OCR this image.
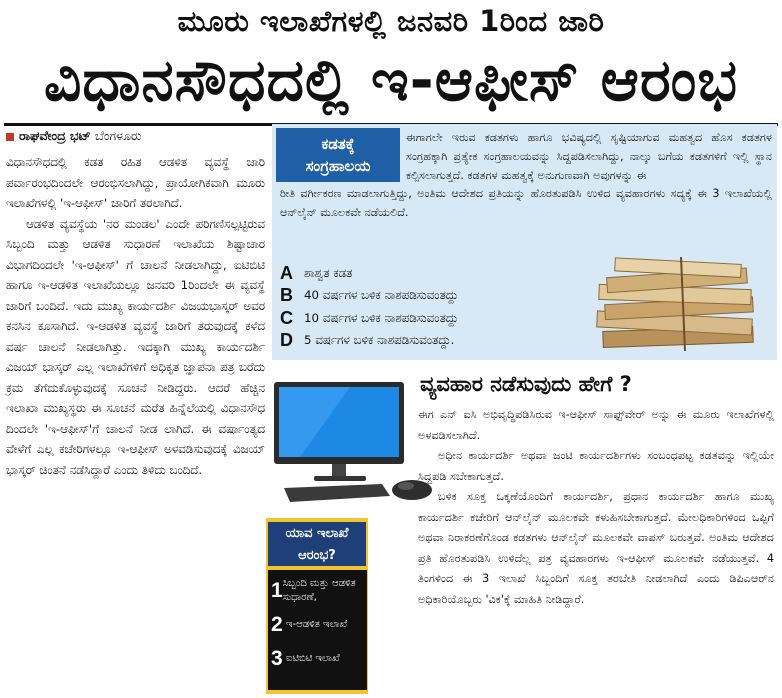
ಮೂರು ಇಲಾಖೆಗಳಲ್ಲಿ ಜನವರಿ 1ರಿಂದ ಜಾರಿ
ವಿಧಾನಸೌಧದಲ್ಲಿ ಇ-ಆಫೀಸ್ ಆರಂಭ
ರಾಘವೇಂದ್ರ ಭಟ್ ಬೆಂಗಳೂರು

ವಿಧಾನಸೌಧದಲ್ಲಿ ಕಡತ ರಹಿತ ಆಡಳಿತ ವ್ಯವಸ್ಥೆ ಜಾರಿ ಪರ್ವಾರಂಭದಿಂದಲೇ ಆರಂಭಿಸಲಾಗಿದ್ದು, ಪ್ರಾಯೋಗಿಕವಾಗಿ ಮೂರು ಇಲಾಖೆಗಳಲ್ಲಿ 'ಇ-ಆಫೀಸ್' ಜಾರಿಗೆ ತರಲಾಗಿದೆ.

ಆಡಳಿತ ವ್ಯವಸ್ಥೆಯ 'ನರ ಮಂಡಲ' ಎಂದೇ ಪರಿಗಣಿಸಲ್ಪಟ್ಟಿರುವ ಸಿಬ್ಬಂದಿ ಮತ್ತು ಆಡಳಿತ ಸುಧಾರಣೆ ಇಲಾಖೆಯ ಶಿಷ್ಟಾಚಾರ ವಿಭಾಗದಿಂದಲೇ 'ಇ-ಆಫೀಸ್' ಗೆ ಚಾಲನೆ ನೀಡಲಾಗಿದ್ದು, ಐಟಿಬಿಟಿ ಹಾಗೂ ಇ-ಆಡಳಿತ ಇಲಾಖೆಯಲ್ಲೂ ಜನವರಿ 1ರಿಂದಲೇ ಈ ವ್ಯವಸ್ಥೆ ಜಾರಿಗೆ ಬಂದಿದೆ. ಇದು ಮುಖ್ಯ ಕಾರ್ಯದರ್ಶಿ ವಿಜಯಭಾಸ್ಕರ್ ಅವರ ಕನಸಿನ ಕೂಸಾಗಿದೆ. ಇ-ಆಡಳಿತ ವ್ಯವಸ್ಥೆ ಜಾರಿಗೆ ತರುವುದಕ್ಕೆ ಕಳೆದ ವರ್ಷ ಚಾಲನೆ ನೀಡಲಾಗಿತ್ತು. ಇದಕ್ಕಾಗಿ ಮುಖ್ಯ ಕಾರ್ಯದರ್ಶಿ ವಿಜಯ್ ಭಾಸ್ಕರ್ ಎಲ್ಲ ಇಲಾಖೆಗಳಿಗೆ ಅಧಿಕೃತ ಜ್ಞಾಪನಾ ಪತ್ರ ಬರೆದು ಕ್ರಮ ತೆಗೆದುಕೊಳ್ಳುವುದಕ್ಕೆ ಸೂಚನೆ ನೀಡಿದ್ದರು. ಆದರೆ ಹೆಚ್ಚಿನ ಇಲಾಖಾ ಮುಖ್ಯಸ್ಥರು ಈ ಸೂಚನೆ ಮರೆತ ಹಿನ್ನೆಲೆಯಲ್ಲಿ ವಿಧಾನಸೌಧ ದಿಂದಲೇ 'ಇ-ಆಫೀಸ್'ಗೆ ಚಾಲನೆ ನೀಡ ಲಾಗಿದೆ. ಈ ವರ್ಷಾಂತ್ಯದ ವೇಳೆಗೆ ಎಲ್ಲ ಕಚೇರಿಗಳಲ್ಲೂ ಇ-ಆಫೀಸ್ ಅಳವಡಿಸುವುದಕ್ಕೆ ವಿಜಯ್ ಭಾಸ್ಕರ್ ಚಿಂತನೆ ನಡೆಸಿದ್ದಾರೆ ಎಂದು ತಿಳಿದು ಬಂದಿದೆ.

ಕಡತಕ್ಕೆ
ಸಂಗ್ರಹಾಲಯ
ಈಗಾಗಲೇ ಇರುವ ಕಡತಗಳು ಹಾಗೂ ಭವಿಷ್ಯದಲ್ಲಿ ಸೃಷ್ಟಿಯಾಗುವ ಮಹತ್ವದ ಹೊಸ ಕಡತಗಳ ಸಂಗ್ರಹಕ್ಕಾಗಿ ಪ್ರತ್ಯೇಕ ಸಂಗ್ರಹಾಲಯವನ್ನು ಸಿದ್ದಪಡಿಸಲಾಗಿದ್ದು, ನಾಲ್ಕು ಬಗೆಯ ಕಡತಗಳಿಗೆ ಇಲ್ಲಿ ಸ್ಥಾನ ಕಲ್ಪಿಸಲಾಗುತ್ತದೆ. ಕಡತಗಳ ಮಹತ್ವಕ್ಕೆ ಅನುಗುಣವಾಗಿ ಅವುಗಳನ್ನು ಈ
ರೀತಿ ವರ್ಗೀಕರಣ ಮಾಡಲಾಗುತ್ತಿದ್ದು, ಅಂತಿಮ ಆದೇಶದ ಪ್ರತಿಯನ್ನು ಹೊರತುಪಡಿಸಿ ಉಳಿದ ವ್ಯವಹಾರಗಳು ಸದ್ಯಕ್ಕೆ ಈ 3 ಇಲಾಖೆಯಲ್ಲಿ ಆನ್‌ಲೈನ್ ಮೂಲಕವೇ ನಡೆಯಲಿದೆ.
A ಶಾಶ್ವತ ಕಡತ
B 40 ವರ್ಷಗಳ ಬಳಿಕ ನಾಶಪಡಿಸುವಂತದ್ದು
C 10 ವರ್ಷಗಳ ಬಳಿಕ ನಾಶಪಡಿಸುವಂತದ್ದು
D 5 ವರ್ಷಗಳ ಬಳಿಕ ನಾಶಪಡಿಸುವಂತದ್ದು.
ವ್ಯವಹಾರ ನಡೆಸುವುದು ಹೇಗೆ ?

ಈಗ ಎನ್ ಐಸಿ ಅಭಿವೃದ್ಧಿಪಡಿಸಿರುವ ಇ-ಆಫೀಸ್ ಸಾಫ್ಟ್‌ವೇರ್ ಅನ್ನು ಈ ಮೂರು ಇಲಾಖೆಗಳಲ್ಲಿ ಅಳವಡಿಸಲಾಗಿದೆ.

ಅಧೀನ ಕಾರ್ಯದರ್ಶಿ ಅಥವಾ ಜಂಟಿ ಕಾರ್ಯದರ್ಶಿಗಳು ಸಂಬಂಧಪಟ್ಟ ಕಡತವನ್ನು ಇಲ್ಲಿಯೇ ಸಿದ್ದಪಡಿ ಸಬೇಕಾಗುತ್ತದೆ.

ಬಳಿಕ ಸೂಕ್ತ ಒಕ್ಕಣೆಯೊಂದಿಗೆ ಕಾರ್ಯದರ್ಶಿ, ಪ್ರಧಾನ ಕಾರ್ಯದರ್ಶಿ ಹಾಗೂ ಮುಖ್ಯ ಕಾರ್ಯದರ್ಶಿ ಕಚೇರಿಗೆ ಆನ್‌ಲೈನ್ ಮೂಲಕವೇ ಕಳುಹಿಸಬೇಕಾಗುತ್ತದೆ. ಮೇಲಧಿಕಾರಿಗಳಿಂದ ಒಪ್ಪಿಗೆ ಅಥವಾ ನಿರಾಕರಣೆಗೊಂಡ ಕಡತಗಳು ಆನ್‌ಲೈನ್ ಮೂಲಕವೇ ವಾಪಸ್ ಬರುತ್ತವೆ. ಅಂತಿಮ ಆದೇಶದ ಪ್ರತಿ ಹೊರತುಪಡಿಸಿ ಉಳಿದೆಲ್ಲ ಪತ್ರ ವ್ಯವಹಾರಗಳು ಇ-ಆಫೀಸ್ ಮೂಲಕವೇ ನಡೆಯುತ್ತವೆ. 4 ತಿಂಗಳಿಂದ ಈ 3 ಇಲಾಖೆ ಸಿಬ್ಬಂದಿಗೆ ಸೂಕ್ತ ತರಬೇತಿ ನೀಡಲಾಗಿದೆ ಎಂದು ಡಿಪಿಎಆರ್‌ನ ಅಧಿಕಾರಿಯೊಬ್ಬರು 'ವಿಕ'ಕ್ಕೆ ಮಾಹಿತಿ ನೀಡಿದ್ದಾರೆ.

ಯಾವ ಇಲಾಖೆ
ಆರಂಭ?
1 ಸಿಬ್ಬಂದಿ ಮತ್ತು ಆಡಳಿತ ಸುಧಾರಣೆ,
2 ಇ-ಆಡಳಿತ ಇಲಾಖೆ
3 ಐಟಿಬಿಟಿ ಇಲಾಖೆ
